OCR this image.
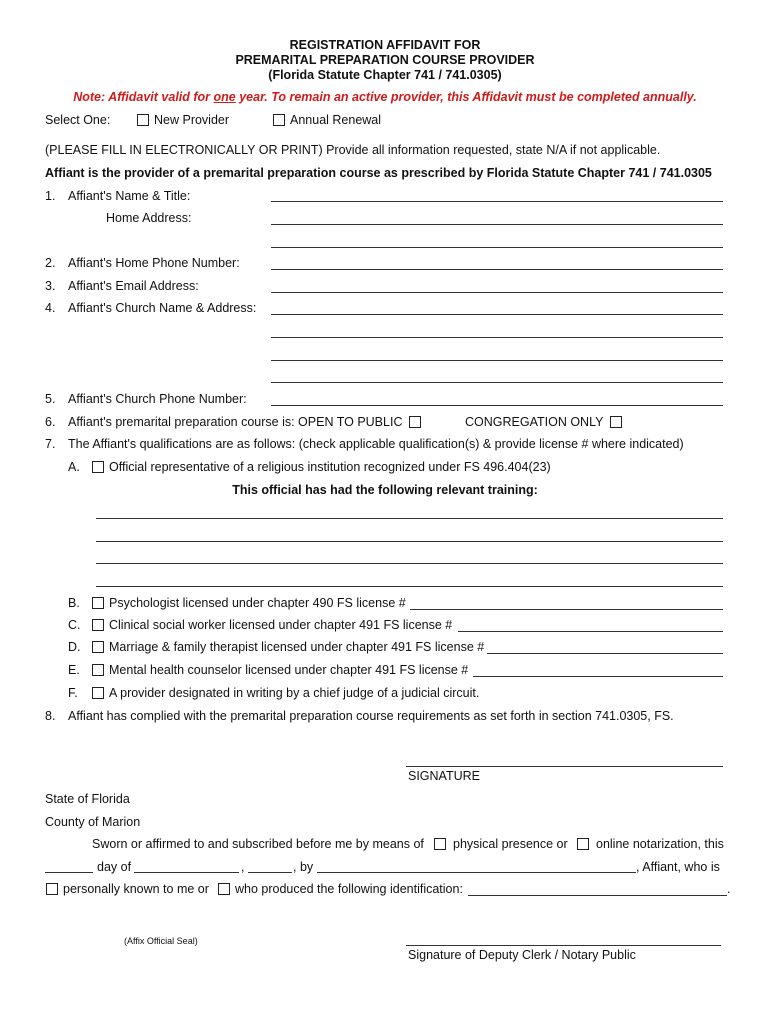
REGISTRATION AFFIDAVIT FOR
PREMARITAL PREPARATION COURSE PROVIDER
(Florida Statute Chapter 741 / 741.0305)
Note: Affidavit valid for one year. To remain an active provider, this Affidavit must be completed annually.
Select One:	New Provider	Annual Renewal
(PLEASE FILL IN ELECTRONICALLY OR PRINT) Provide all information requested, state N/A if not applicable.
Affiant is the provider of a premarital preparation course as prescribed by Florida Statute Chapter 741 / 741.0305
1. Affiant's Name & Title:
Home Address:
2. Affiant's Home Phone Number:
3. Affiant's Email Address:
4. Affiant's Church Name & Address:
5. Affiant's Church Phone Number:
6. Affiant's premarital preparation course is: OPEN TO PUBLIC	CONGREGATION ONLY
7. The Affiant's qualifications are as follows: (check applicable qualification(s) & provide license # where indicated)
A. Official representative of a religious institution recognized under FS 496.404(23)
This official has had the following relevant training:
B. Psychologist licensed under chapter 490 FS license #
C. Clinical social worker licensed under chapter 491 FS license #
D. Marriage & family therapist licensed under chapter 491 FS license #
E. Mental health counselor licensed under chapter 491 FS license #
F.	A provider designated in writing by a chief judge of a judicial circuit.
8. Affiant has complied with the premarital preparation course requirements as set forth in section 741.0305, FS.
SIGNATURE
State of Florida
County of Marion
Sworn or affirmed to and subscribed before me by means of physical presence or online notarization, this
day of	,	, by	, Affiant, who is
personally known to me or who produced the following identification:	.
(Affix Official Seal)
Signature of Deputy Clerk / Notary Public
